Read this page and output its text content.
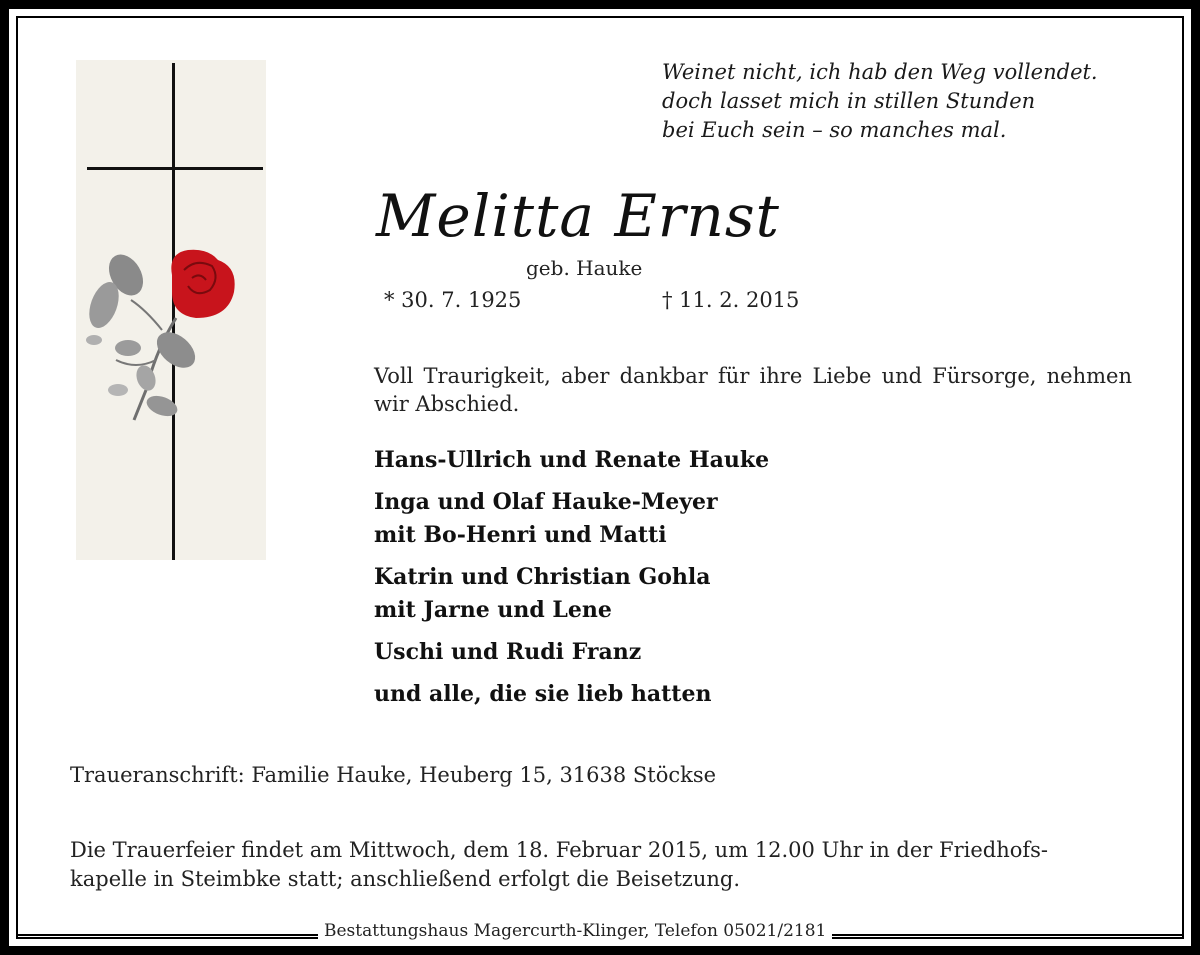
Weinet nicht, ich hab den Weg vollendet.
doch lasset mich in stillen Stunden
bei Euch sein – so manches mal.
Melitta Ernst
geb. Hauke
* 30. 7. 1925	† 11. 2. 2015
Voll Traurigkeit, aber dankbar für ihre Liebe und Fürsorge, nehmen wir Abschied.
Hans-Ullrich und Renate Hauke
Inga und Olaf Hauke-Meyer
mit Bo-Henri und Matti
Katrin und Christian Gohla
mit Jarne und Lene
Uschi und Rudi Franz
und alle, die sie lieb hatten
Traueranschrift: Familie Hauke, Heuberg 15, 31638 Stöckse
Die Trauerfeier findet am Mittwoch, dem 18. Februar 2015, um 12.00 Uhr in der Friedhofs-
kapelle in Steimbke statt; anschließend erfolgt die Beisetzung.
Bestattungshaus Magercurth-Klinger, Telefon 05021/2181
